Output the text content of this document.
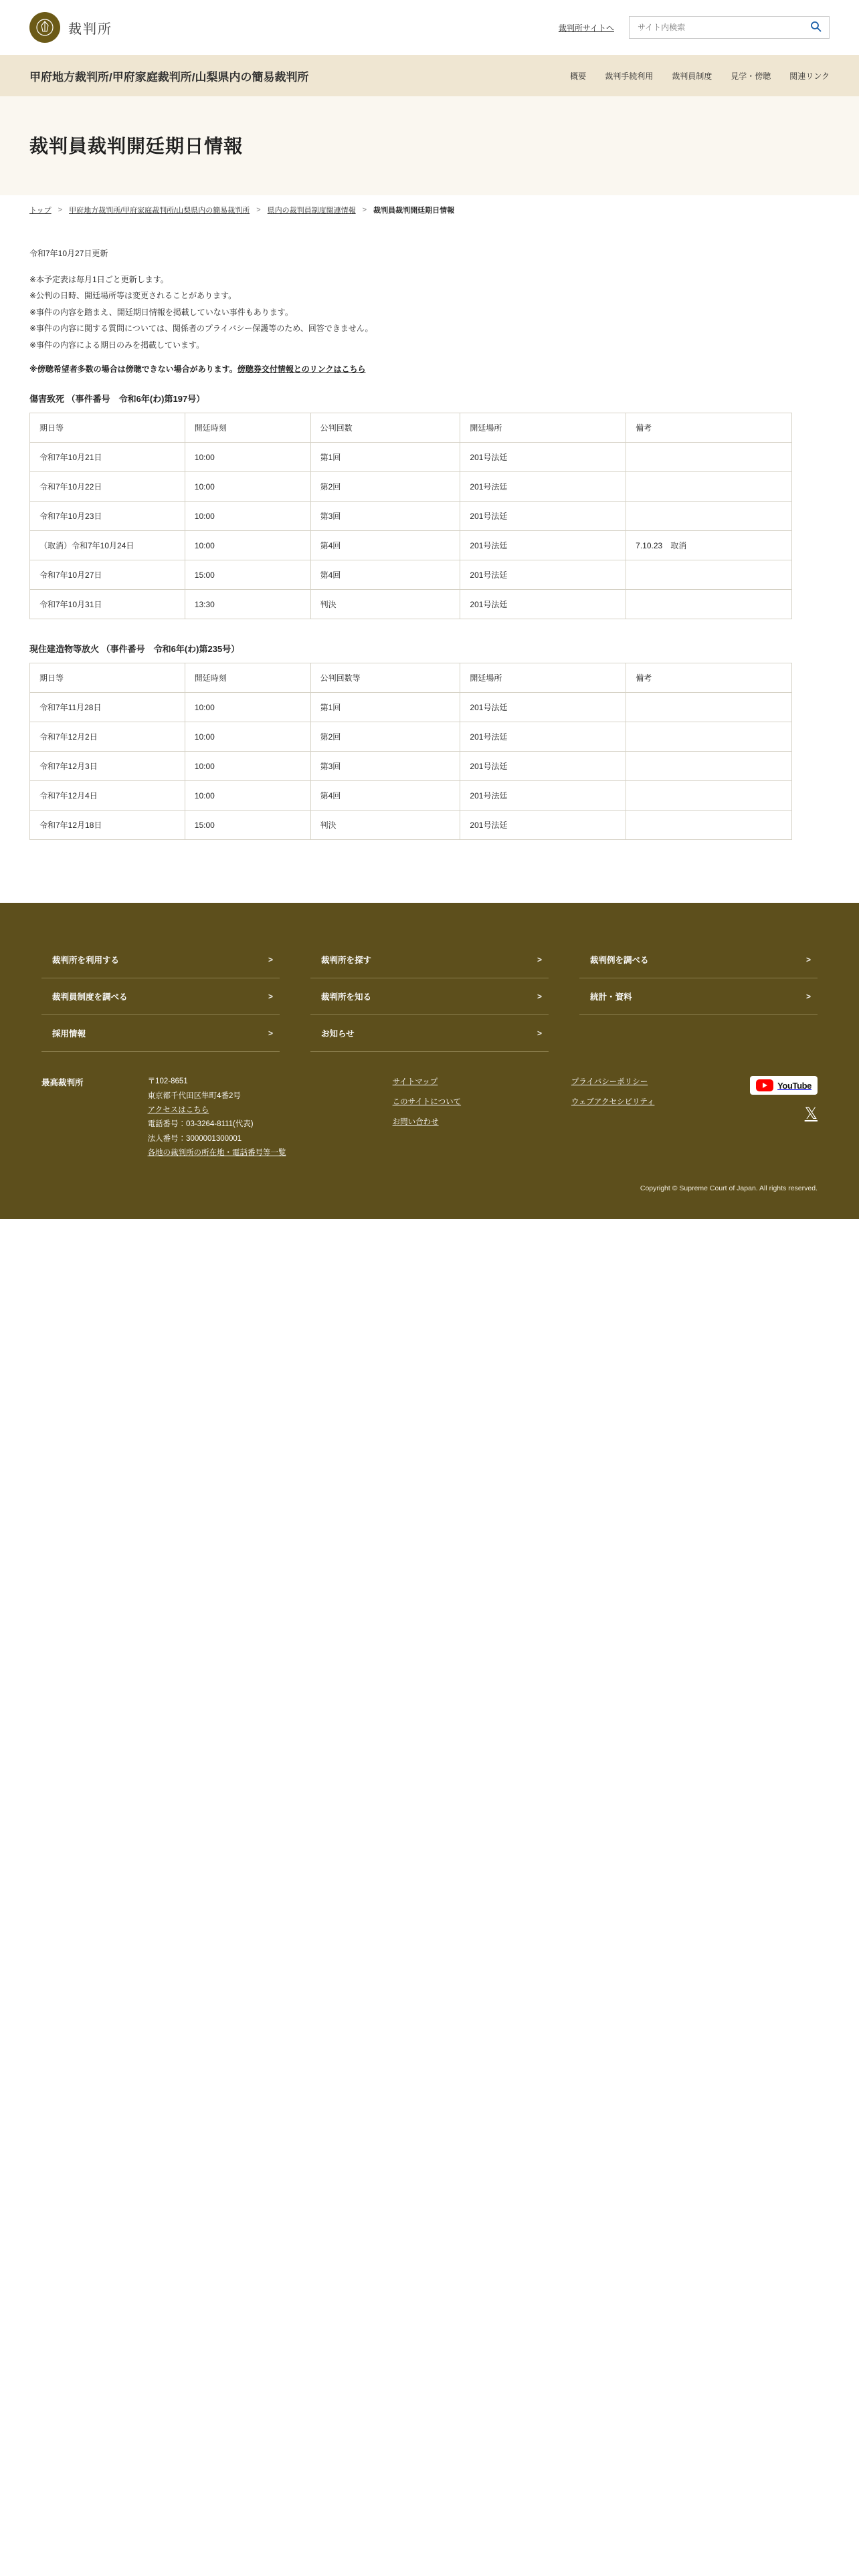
裁判所	裁判所サイトへ
サイト内検索
甲府地方裁判所/甲府家庭裁判所/山梨県内の簡易裁判所	概要 裁判手続利用 裁判員制度 見学・傍聴 関連リンク
裁判員裁判開廷期日情報
トップ > 甲府地方裁判所/甲府家庭裁判所/山梨県内の簡易裁判所 > 県内の裁判員制度関連情報 > 裁判員裁判開廷期日情報
令和7年10月27日更新

※本予定表は毎月1日ごと更新します。

※公判の日時、開廷場所等は変更されることがあります。

※事件の内容を踏まえ、開廷期日情報を掲載していない事件もあります。

※事件の内容に関する質問については、関係者のプライバシー保護等のため、回答できません。

※事件の内容による期日のみを掲載しています。

※傍聴希望者多数の場合は傍聴できない場合があります。傍聴券交付情報とのリンクはこちら
傷害致死 （事件番号　令和6年(わ)第197号）
期日等	開廷時刻	公判回数	開廷場所	備考
令和7年10月21日	10:00	第1回	201号法廷	
令和7年10月22日	10:00	第2回	201号法廷	
令和7年10月23日	10:00	第3回	201号法廷	
（取消）令和7年10月24日	10:00	第4回	201号法廷	7.10.23　取消
令和7年10月27日	15:00	第4回	201号法廷	
令和7年10月31日	13:30	判決	201号法廷	
現住建造物等放火 （事件番号　令和6年(わ)第235号）
期日等	開廷時刻	公判回数等	開廷場所	備考
令和7年11月28日	10:00	第1回	201号法廷	
令和7年12月2日	10:00	第2回	201号法廷	
令和7年12月3日	10:00	第3回	201号法廷	
令和7年12月4日	10:00	第4回	201号法廷	
令和7年12月18日	15:00	判決	201号法廷	
裁判所を利用する	>	裁判所を探す	>	裁判例を調べる	>
裁判員制度を調べる	>	裁判所を知る	>	統計・資料	>
採用情報	>	お知らせ	>
最高裁判所	〒102-8651
東京都千代田区隼町4番2号
アクセスはこちら
電話番号：03-3264-8111(代表)
法人番号：3000001300001
各地の裁判所の所在地・電話番号等一覧
サイトマップ
このサイトについて
お問い合わせ
プライバシーポリシー
ウェブアクセシビリティ
YouTube
𝕏
Copyright © Supreme Court of Japan. All rights reserved.
